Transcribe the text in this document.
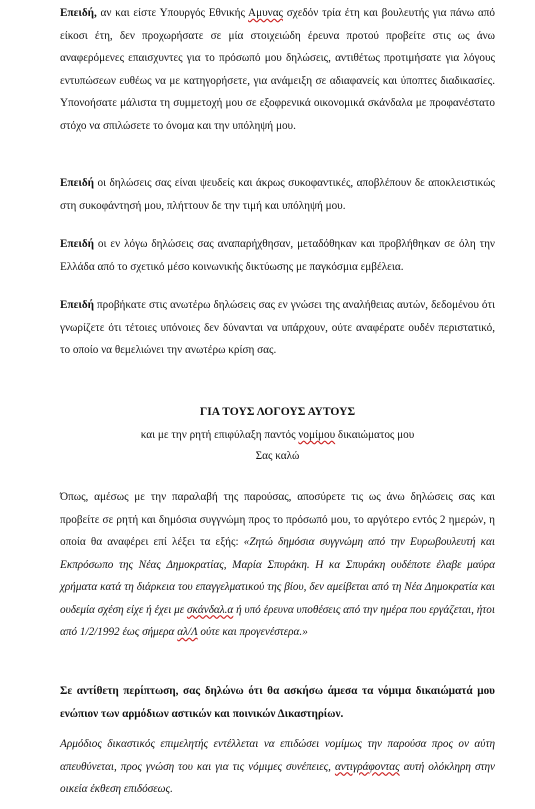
Επειδή, αν και είστε Υπουργός Εθνικής Αμυνας σχεδόν τρία έτη και βουλευτής για πάνω από είκοσι έτη, δεν προχωρήσατε σε μία στοιχειώδη έρευνα προτού προβείτε στις ως άνω αναφερόμενες επαισχυντες για το πρόσωπό μου δηλώσεις, αντιθέτως προτιμήσατε για λόγους εντυπώσεων ευθέως να με κατηγορήσετε, για ανάμειξη σε αδιαφανείς και ύποπτες διαδικασίες. Υπονοήσατε μάλιστα τη συμμετοχή μου σε εξοφρενικά οικονομικά σκάνδαλα με προφανέστατο στόχο να σπιλώσετε το όνομα και την υπόληψή μου.

Επειδή οι δηλώσεις σας είναι ψευδείς και άκρως συκοφαντικές, αποβλέπουν δε αποκλειστικώς στη συκοφάντησή μου, πλήττουν δε την τιμή και υπόληψή μου.

Επειδή οι εν λόγω δηλώσεις σας αναπαρήχθησαν, μεταδόθηκαν και προβλήθηκαν σε όλη την Ελλάδα από το σχετικό μέσο κοινωνικής δικτύωσης με παγκόσμια εμβέλεια.

Επειδή προβήκατε στις ανωτέρω δηλώσεις σας εν γνώσει της αναλήθειας αυτών, δεδομένου ότι γνωρίζετε ότι τέτοιες υπόνοιες δεν δύνανται να υπάρχουν, ούτε αναφέρατε ουδέν περιστατικό, το οποίο να θεμελιώνει την ανωτέρω κρίση σας.

ΓΙΑ ΤΟΥΣ ΛΟΓΟΥΣ ΑΥΤΟΥΣ

και με την ρητή επιφύλαξη παντός νομίμου δικαιώματος μου

Σας καλώ

Όπως, αμέσως με την παραλαβή της παρούσας, αποσύρετε τις ως άνω δηλώσεις σας και προβείτε σε ρητή και δημόσια συγγνώμη προς το πρόσωπό μου, το αργότερο εντός 2 ημερών, η οποία θα αναφέρει επί λέξει τα εξής: «Ζητώ δημόσια συγγνώμη από την Ευρωβουλευτή και Εκπρόσωπο της Νέας Δημοκρατίας, Μαρία Σπυράκη. Η κα Σπυράκη ουδέποτε έλαβε μαύρα χρήματα κατά τη διάρκεια του επαγγελματικού της βίου, δεν αμείβεται από τη Νέα Δημοκρατία και ουδεμία σχέση είχε ή έχει με σκάνδαλ.α ή υπό έρευνα υποθέσεις από την ημέρα που εργάζεται, ήτοι από 1/2/1992 έως σήμερα αλ/Λ ούτε και προγενέστερα.»

Σε αντίθετη περίπτωση, σας δηλώνω ότι θα ασκήσω άμεσα τα νόμιμα δικαιώματά μου ενώπιον των αρμόδιων αστικών και ποινικών Δικαστηρίων.

Αρμόδιος δικαστικός επιμελητής εντέλλεται να επιδώσει νομίμως την παρούσα προς ον αύτη απευθύνεται, προς γνώση του και για τις νόμιμες συνέπειες, αντιγράφοντας αυτή ολόκληρη στην οικεία έκθεση επιδόσεως.
